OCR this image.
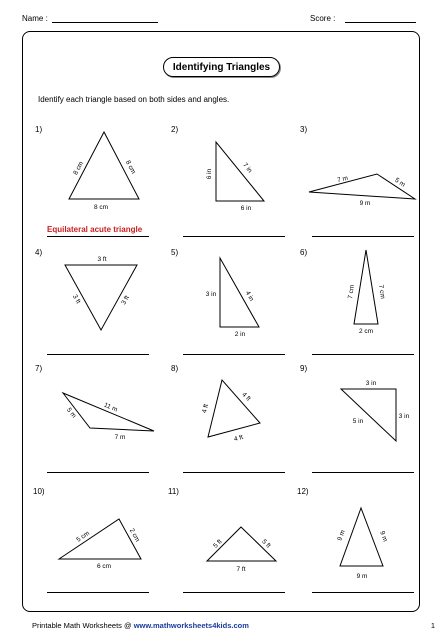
Name :	Score :
Identifying Triangles
Identify each triangle based on both sides and angles.
1)	2)	3)
4)	5)	6)
7)	8)	9)
10)	11)	12)
Equilateral acute triangle
8 cm	8 cm
8 cm
6 in	7 in
6 in
7 m	5 m
9 m
3 ft
3 ft	3 ft
3 in	4 in
2 in
7 cm	7 cm
2 cm
5 m	11 m
7 m
4 ft
4 ft
4 ft
3 in
3 in
5 in
5 cm	2 cm
6 cm
5 ft	5 ft
7 ft
9 m	9 m
9 m
Printable Math Worksheets @ www.mathworksheets4kids.com	1
